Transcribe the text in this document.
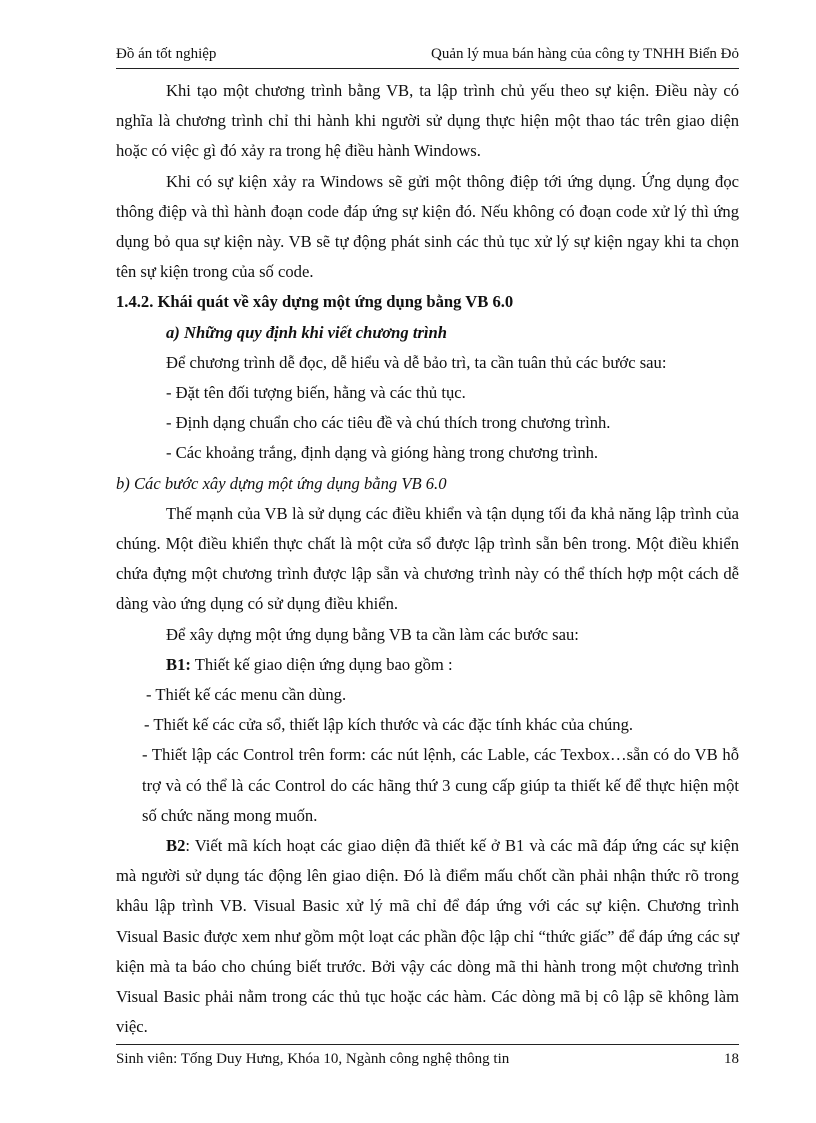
Đồ án tốt nghiệp	Quản lý mua bán hàng của công ty TNHH Biển Đỏ

Khi tạo một chương trình bằng VB, ta lập trình chủ yếu theo sự kiện. Điều này có nghĩa là chương trình chỉ thi hành khi người sử dụng thực hiện một thao tác trên giao diện hoặc có việc gì đó xảy ra trong hệ điều hành Windows.

Khi có sự kiện xảy ra Windows sẽ gửi một thông điệp tới ứng dụng. Ứng dụng đọc thông điệp và thì hành đoạn code đáp ứng sự kiện đó. Nếu không có đoạn code xử lý thì ứng dụng bỏ qua sự kiện này. VB sẽ tự động phát sinh các thủ tục xử lý sự kiện ngay khi ta chọn tên sự kiện trong của số code.

1.4.2. Khái quát về xây dựng một ứng dụng bằng VB 6.0

a) Những quy định khi viết chương trình

Để chương trình dễ đọc, dễ hiểu và dễ bảo trì, ta cần tuân thủ các bước sau:

- Đặt tên đối tượng biến, hằng và các thủ tục.

- Định dạng chuẩn cho các tiêu đề và chú thích trong chương trình.

- Các khoảng trắng, định dạng và gióng hàng trong chương trình.

b) Các bước xây dựng một ứng dụng bằng VB 6.0

Thế mạnh của VB là sử dụng các điều khiển và tận dụng tối đa khả năng lập trình của chúng. Một điều khiển thực chất là một cửa sổ được lập trình sẵn bên trong. Một điều khiển chứa đựng một chương trình được lập sẵn và chương trình này có thể thích hợp một cách dễ dàng vào ứng dụng có sử dụng điều khiển.

Để xây dựng một ứng dụng bằng VB ta cần làm các bước sau:

B1: Thiết kế giao diện ứng dụng bao gồm :

- Thiết kế các menu cần dùng.

- Thiết kế các cửa sổ, thiết lập kích thước và các đặc tính khác của chúng.

- Thiết lập các Control trên form: các nút lệnh, các Lable, các Texbox…sẵn có do VB hỗ trợ và có thể là các Control do các hãng thứ 3 cung cấp giúp ta thiết kế để thực hiện một số chức năng mong muốn.

B2: Viết mã kích hoạt các giao diện đã thiết kế ở B1 và các mã đáp ứng các sự kiện mà người sử dụng tác động lên giao diện. Đó là điểm mấu chốt cần phải nhận thức rõ trong khâu lập trình VB. Visual Basic xử lý mã chỉ để đáp ứng với các sự kiện. Chương trình Visual Basic được xem như gồm một loạt các phần độc lập chỉ “thức giấc” để đáp ứng các sự kiện mà ta báo cho chúng biết trước. Bởi vậy các dòng mã thi hành trong một chương trình Visual Basic phải nằm trong các thủ tục hoặc các hàm. Các dòng mã bị cô lập sẽ không làm việc.

Sinh viên: Tống Duy Hưng, Khóa 10, Ngành công nghệ thông tin	18
